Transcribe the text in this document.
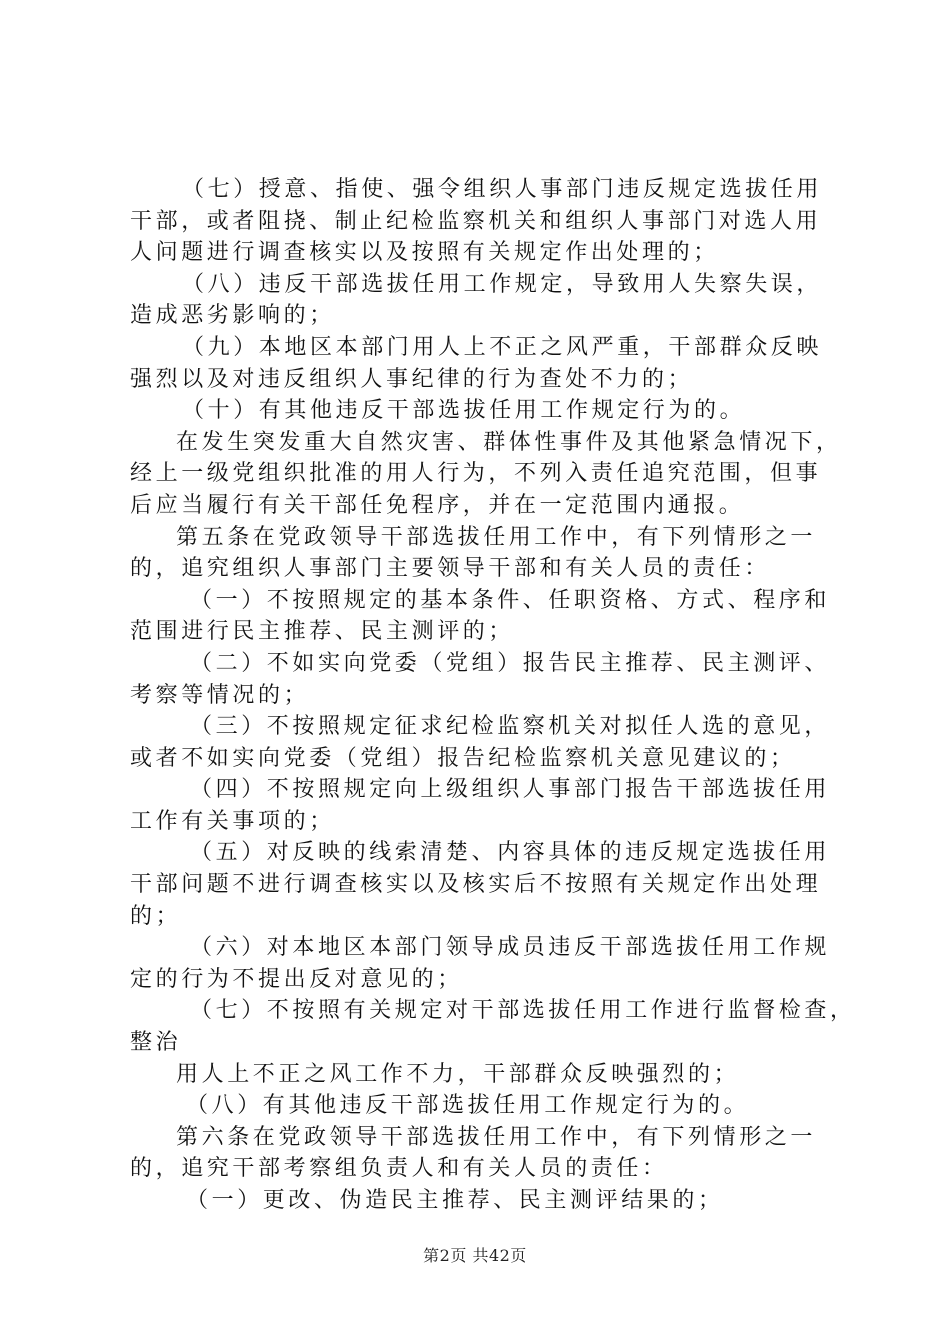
（七）授意、指使、强令组织人事部门违反规定选拔任用
干部，或者阻挠、制止纪检监察机关和组织人事部门对选人用
人问题进行调查核实以及按照有关规定作出处理的；
（八）违反干部选拔任用工作规定，导致用人失察失误，
造成恶劣影响的；
（九）本地区本部门用人上不正之风严重，干部群众反映
强烈以及对违反组织人事纪律的行为查处不力的；
（十）有其他违反干部选拔任用工作规定行为的。
在发生突发重大自然灾害、群体性事件及其他紧急情况下，
经上一级党组织批准的用人行为，不列入责任追究范围，但事
后应当履行有关干部任免程序，并在一定范围内通报。
第五条在党政领导干部选拔任用工作中，有下列情形之一
的，追究组织人事部门主要领导干部和有关人员的责任：
（一）不按照规定的基本条件、任职资格、方式、程序和
范围进行民主推荐、民主测评的；
（二）不如实向党委（党组）报告民主推荐、民主测评、
考察等情况的；
（三）不按照规定征求纪检监察机关对拟任人选的意见，
或者不如实向党委（党组）报告纪检监察机关意见建议的；
（四）不按照规定向上级组织人事部门报告干部选拔任用
工作有关事项的；
（五）对反映的线索清楚、内容具体的违反规定选拔任用
干部问题不进行调查核实以及核实后不按照有关规定作出处理
的；
（六）对本地区本部门领导成员违反干部选拔任用工作规
定的行为不提出反对意见的；
（七）不按照有关规定对干部选拔任用工作进行监督检查，
整治
用人上不正之风工作不力，干部群众反映强烈的；
（八）有其他违反干部选拔任用工作规定行为的。
第六条在党政领导干部选拔任用工作中，有下列情形之一
的，追究干部考察组负责人和有关人员的责任：
（一）更改、伪造民主推荐、民主测评结果的；
第2页 共42页
